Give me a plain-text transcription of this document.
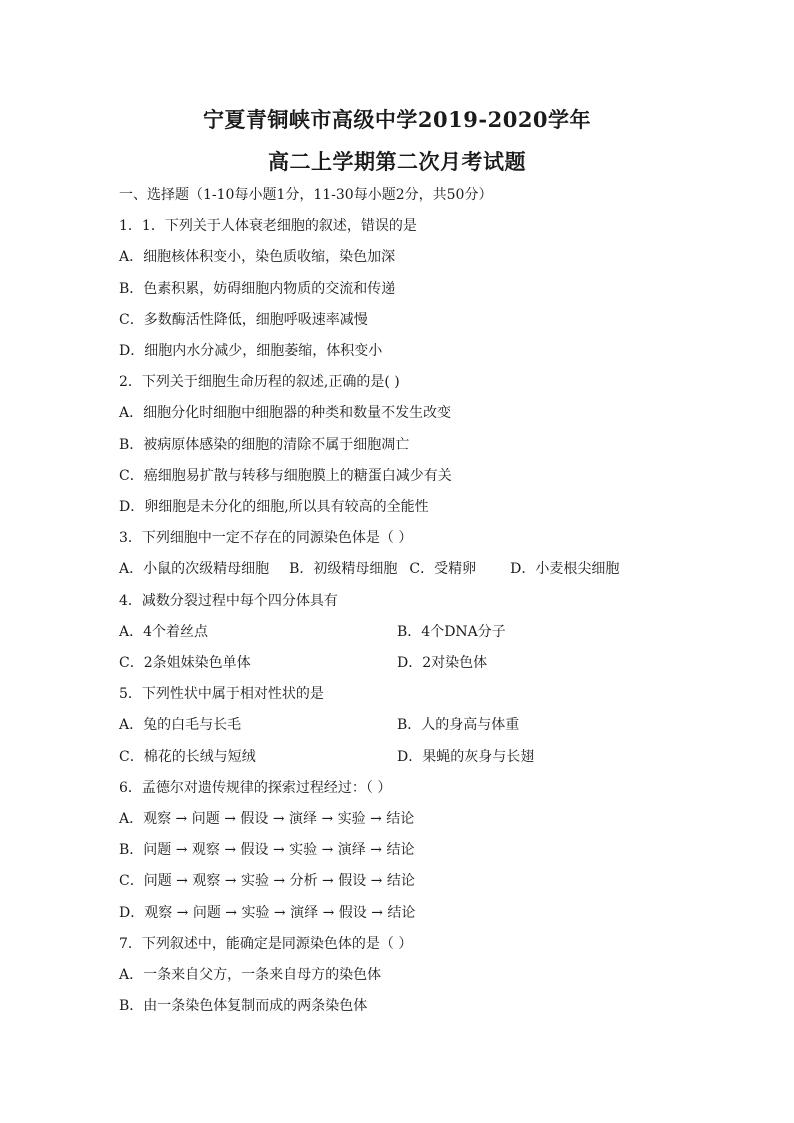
宁夏青铜峡市高级中学2019-2020学年
高二上学期第二次月考试题
一、选择题（1-10每小题1分，11-30每小题2分，共50分）
1．1．下列关于人体衰老细胞的叙述，错误的是
A．细胞核体积变小，染色质收缩，染色加深
B．色素积累，妨碍细胞内物质的交流和传递
C．多数酶活性降低，细胞呼吸速率减慢
D．细胞内水分减少，细胞萎缩，体积变小
2．下列关于细胞生命历程的叙述,正确的是( )
A．细胞分化时细胞中细胞器的种类和数量不发生改变
B．被病原体感染的细胞的清除不属于细胞凋亡
C．癌细胞易扩散与转移与细胞膜上的糖蛋白减少有关
D．卵细胞是未分化的细胞,所以具有较高的全能性
3．下列细胞中一定不存在的同源染色体是（ ）
A．小鼠的次级精母细胞 B．初级精母细胞 C．受精卵 D．小麦根尖细胞
4．减数分裂过程中每个四分体具有
A．4个着丝点	B．4个DNA分子
C．2条姐妹染色单体	D．2对染色体
5．下列性状中属于相对性状的是
A．兔的白毛与长毛	B．人的身高与体重
C．棉花的长绒与短绒	D．果蝇的灰身与长翅
6．孟德尔对遗传规律的探索过程经过：（ ）
A．观察 → 问题 → 假设 → 演绎 → 实验 → 结论
B．问题 → 观察 → 假设 → 实验 → 演绎 → 结论
C．问题 → 观察 → 实验 → 分析 → 假设 → 结论
D．观察 → 问题 → 实验 → 演绎 → 假设 → 结论
7．下列叙述中，能确定是同源染色体的是（ ）
A．一条来自父方，一条来自母方的染色体
B．由一条染色体复制而成的两条染色体
